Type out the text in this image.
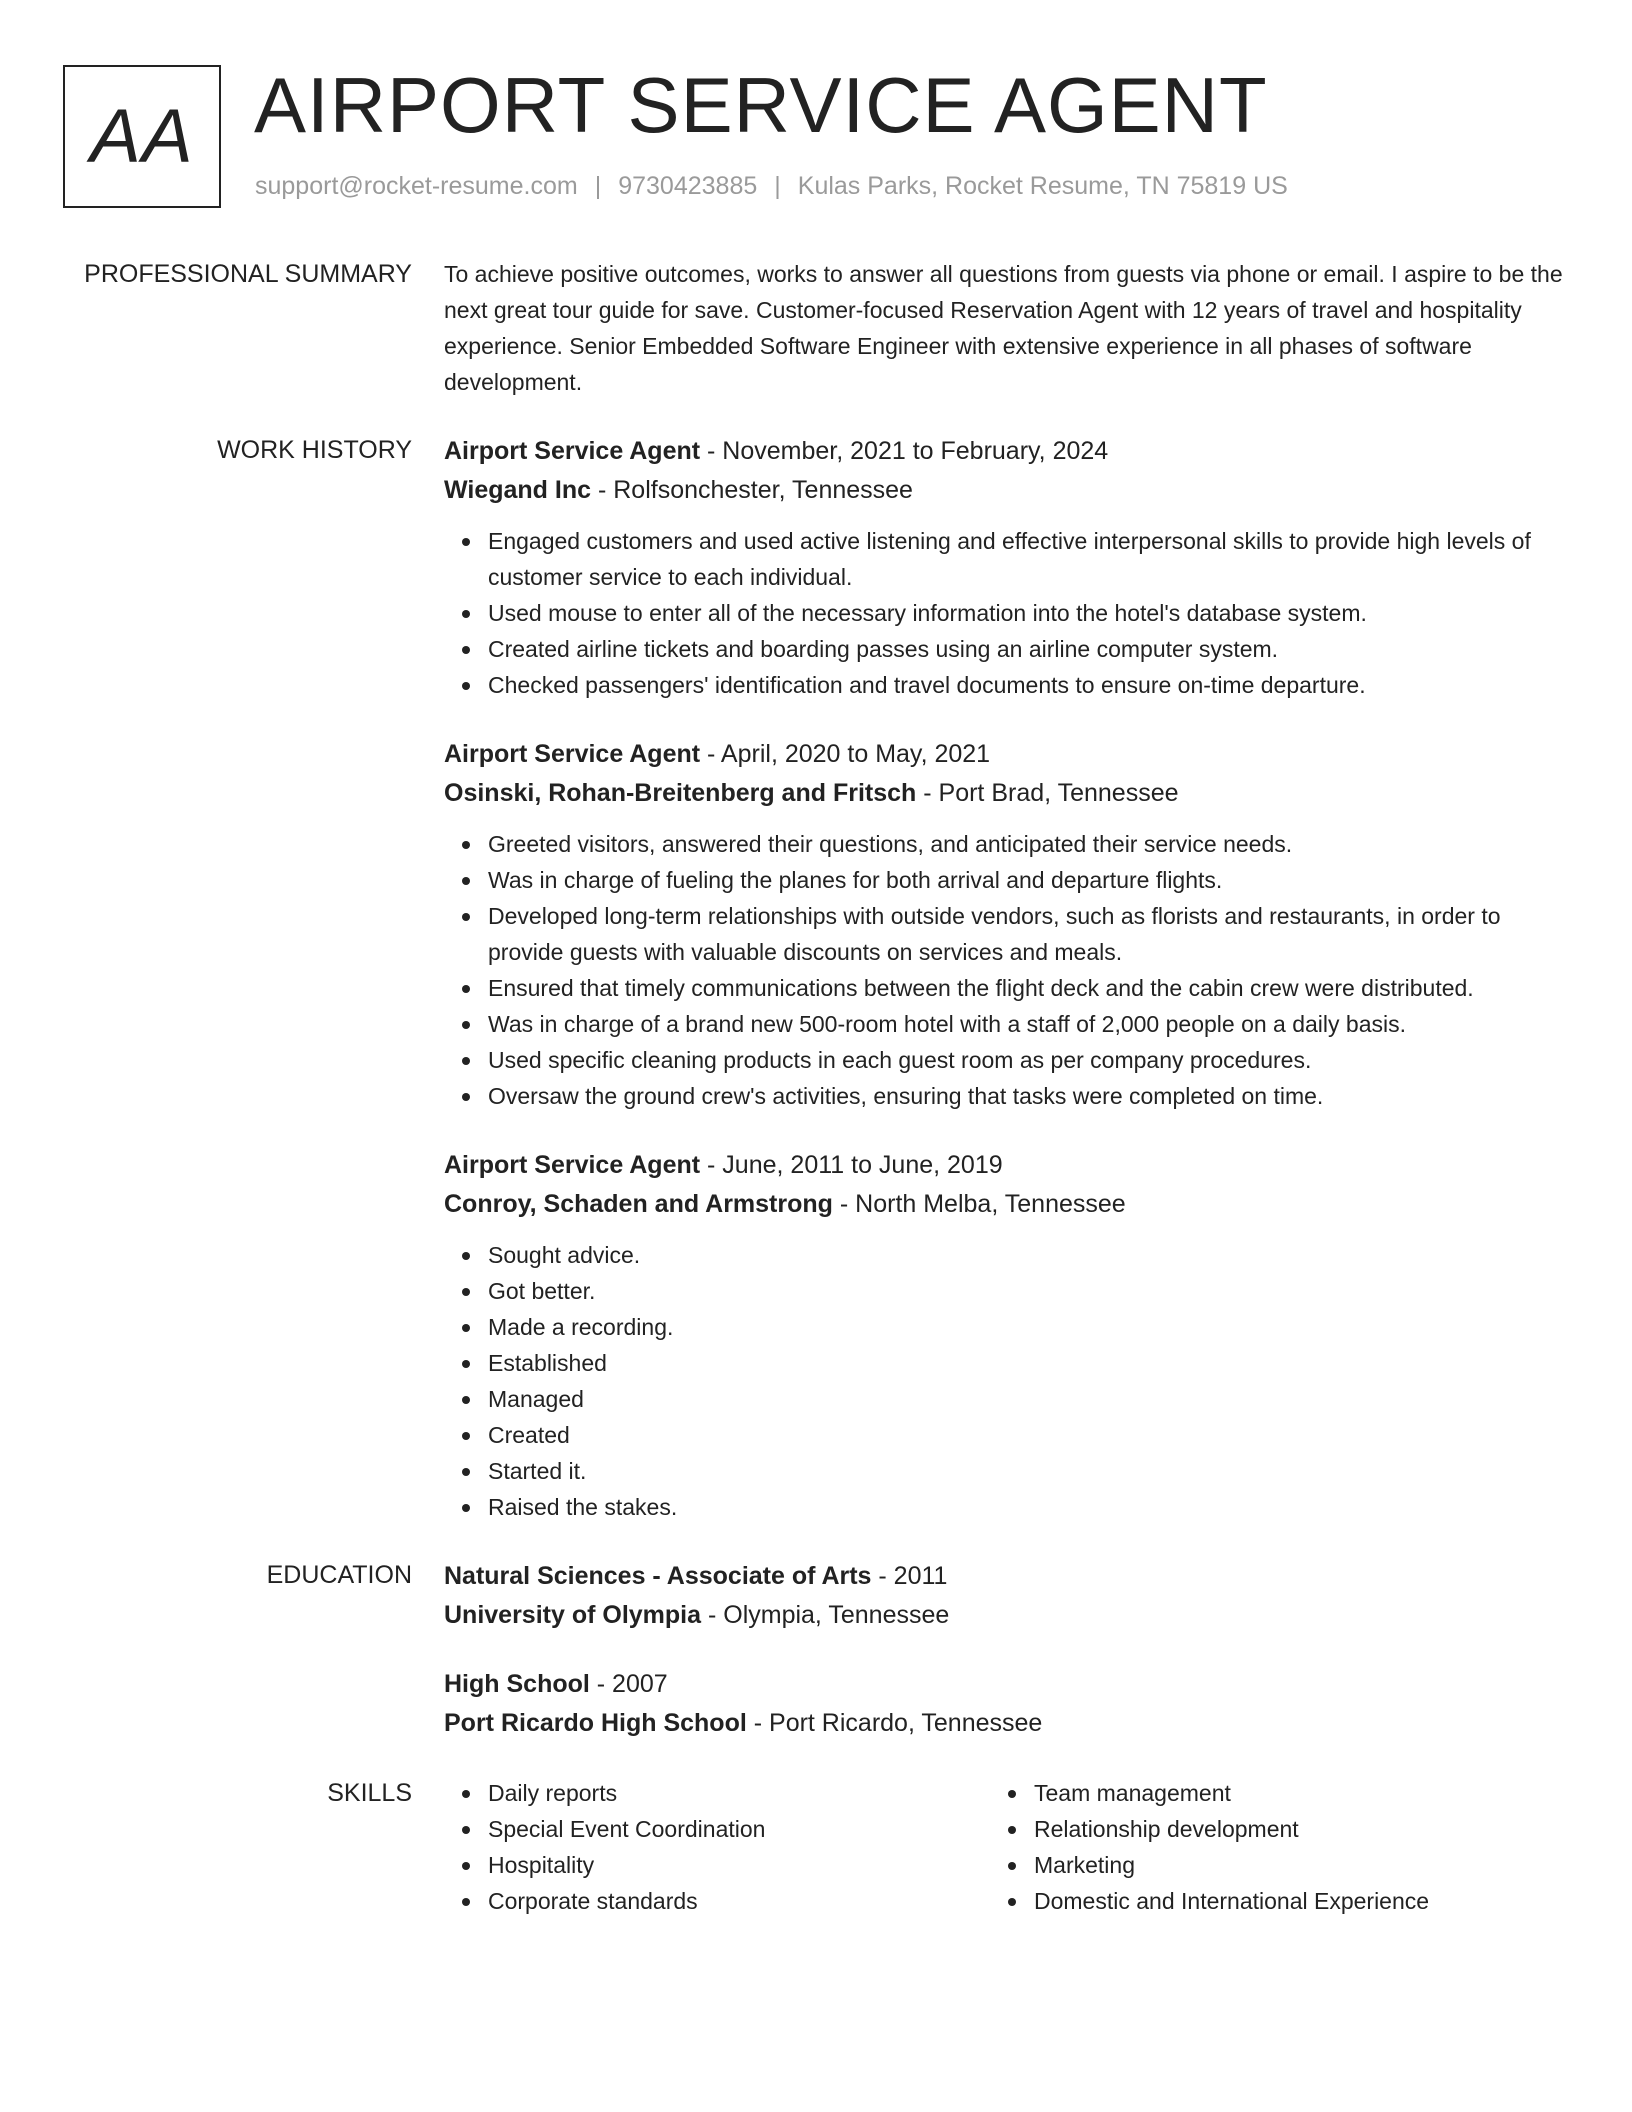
AA AIRPORT SERVICE AGENT
support@rocket-resume.com | 9730423885 | Kulas Parks, Rocket Resume, TN 75819 US
PROFESSIONAL SUMMARY To achieve positive outcomes, works to answer all questions from guests via phone or email. I aspire to be the next great tour guide for save. Customer-focused Reservation Agent with 12 years of travel and hospitality experience. Senior Embedded Software Engineer with extensive experience in all phases of software development.

WORK HISTORY Airport Service Agent - November, 2021 to February, 2024
Wiegand Inc - Rolfsonchester, Tennessee
Engaged customers and used active listening and effective interpersonal skills to provide high levels of customer service to each individual.
Used mouse to enter all of the necessary information into the hotel's database system.
Created airline tickets and boarding passes using an airline computer system.
Checked passengers' identification and travel documents to ensure on-time departure.
Airport Service Agent - April, 2020 to May, 2021
Osinski, Rohan-Breitenberg and Fritsch - Port Brad, Tennessee
Greeted visitors, answered their questions, and anticipated their service needs.
Was in charge of fueling the planes for both arrival and departure flights.
Developed long-term relationships with outside vendors, such as florists and restaurants, in order to provide guests with valuable discounts on services and meals.
Ensured that timely communications between the flight deck and the cabin crew were distributed.
Was in charge of a brand new 500-room hotel with a staff of 2,000 people on a daily basis.
Used specific cleaning products in each guest room as per company procedures.
Oversaw the ground crew's activities, ensuring that tasks were completed on time.
Airport Service Agent - June, 2011 to June, 2019
Conroy, Schaden and Armstrong - North Melba, Tennessee
Sought advice.
Got better.
Made a recording.
Established
Managed
Created
Started it.
Raised the stakes.
EDUCATION Natural Sciences - Associate of Arts - 2011
University of Olympia - Olympia, Tennessee
High School - 2007
Port Ricardo High School - Port Ricardo, Tennessee
SKILLS	Daily reports
Special Event Coordination
Hospitality
Corporate standards
Team management
Relationship development
Marketing
Domestic and International Experience
